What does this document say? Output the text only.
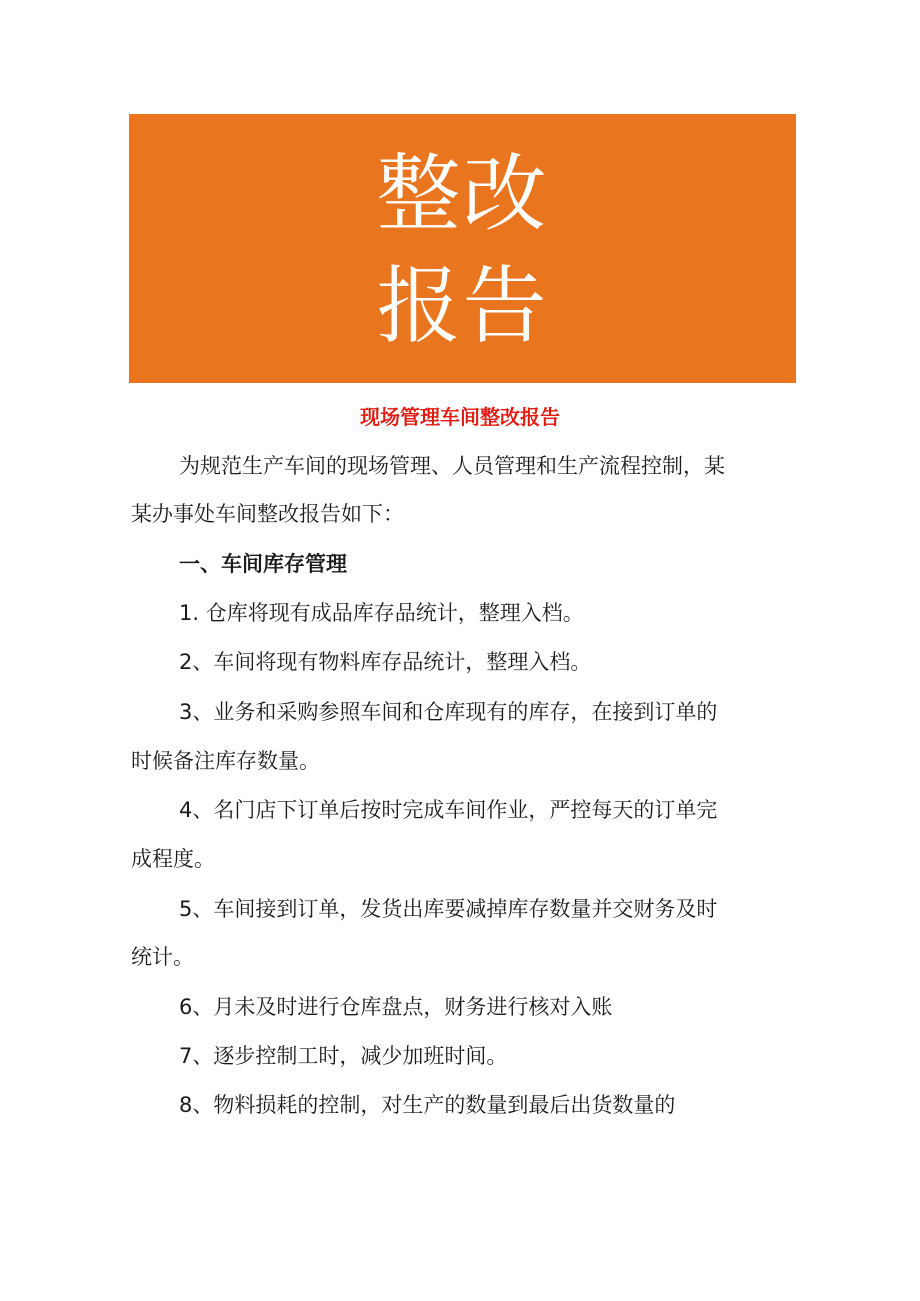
整改
报告
现场管理车间整改报告
为规范生产车间的现场管理、人员管理和生产流程控制，某
某办事处车间整改报告如下：
一、车间库存管理
1. 仓库将现有成品库存品统计，整理入档。
2、车间将现有物料库存品统计，整理入档。
3、业务和采购参照车间和仓库现有的库存，在接到订单的
时候备注库存数量。
4、名门店下订单后按时完成车间作业，严控每天的订单完
成程度。
5、车间接到订单，发货出库要减掉库存数量并交财务及时
统计。
6、月未及时进行仓库盘点，财务进行核对入账
7、逐步控制工时，减少加班时间。
8、物料损耗的控制，对生产的数量到最后出货数量的
